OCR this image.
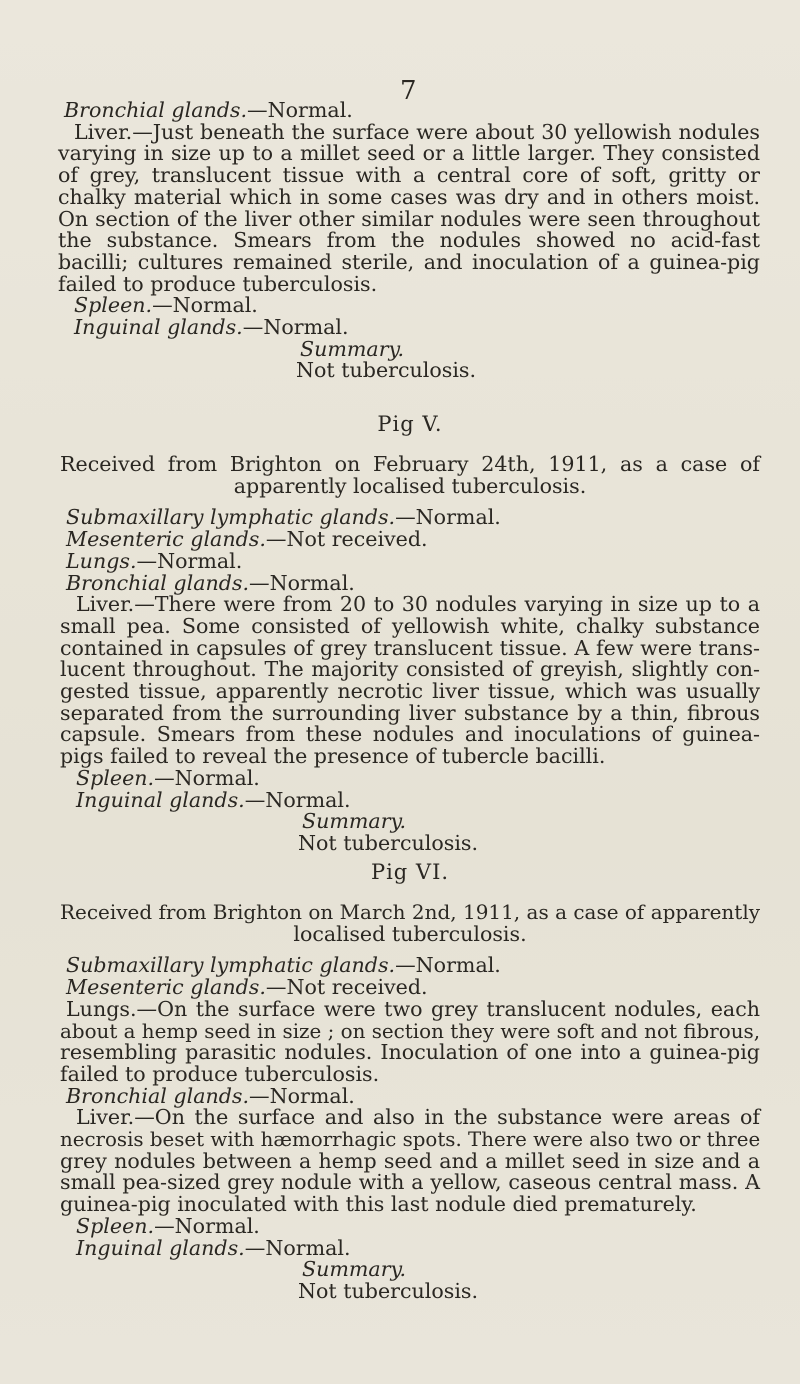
7
Bronchial glands.—Normal.
Liver.—Just beneath the surface were about 30 yellowish nodules
varying in size up to a millet seed or a little larger. They consisted
of grey, translucent tissue with a central core of soft, gritty or
chalky material which in some cases was dry and in others moist.
On section of the liver other similar nodules were seen throughout
the substance. Smears from the nodules showed no acid-fast
bacilli; cultures remained sterile, and inoculation of a guinea-pig
failed to produce tuberculosis.
Spleen.—Normal.
Inguinal glands.—Normal.
Summary.
Not tuberculosis.
Pig V.
Received from Brighton on February 24th, 1911, as a case of
apparently localised tuberculosis.
Submaxillary lymphatic glands.—Normal.
Mesenteric glands.—Not received.
Lungs.—Normal.
Bronchial glands.—Normal.
Liver.—There were from 20 to 30 nodules varying in size up to a
small pea. Some consisted of yellowish white, chalky substance
contained in capsules of grey translucent tissue. A few were trans-
lucent throughout. The majority consisted of greyish, slightly con-
gested tissue, apparently necrotic liver tissue, which was usually
separated from the surrounding liver substance by a thin, fibrous
capsule. Smears from these nodules and inoculations of guinea-
pigs failed to reveal the presence of tubercle bacilli.
Spleen.—Normal.
Inguinal glands.—Normal.
Summary.
Not tuberculosis.
Pig VI.
Received from Brighton on March 2nd, 1911, as a case of apparently
localised tuberculosis.
Submaxillary lymphatic glands.—Normal.
Mesenteric glands.—Not received.
Lungs.—On the surface were two grey translucent nodules, each
about a hemp seed in size ; on section they were soft and not fibrous,
resembling parasitic nodules. Inoculation of one into a guinea-pig
failed to produce tuberculosis.
Bronchial glands.—Normal.
Liver.—On the surface and also in the substance were areas of
necrosis beset with hæmorrhagic spots. There were also two or three
grey nodules between a hemp seed and a millet seed in size and a
small pea-sized grey nodule with a yellow, caseous central mass. A
guinea-pig inoculated with this last nodule died prematurely.
Spleen.—Normal.
Inguinal glands.—Normal.
Summary.
Not tuberculosis.
